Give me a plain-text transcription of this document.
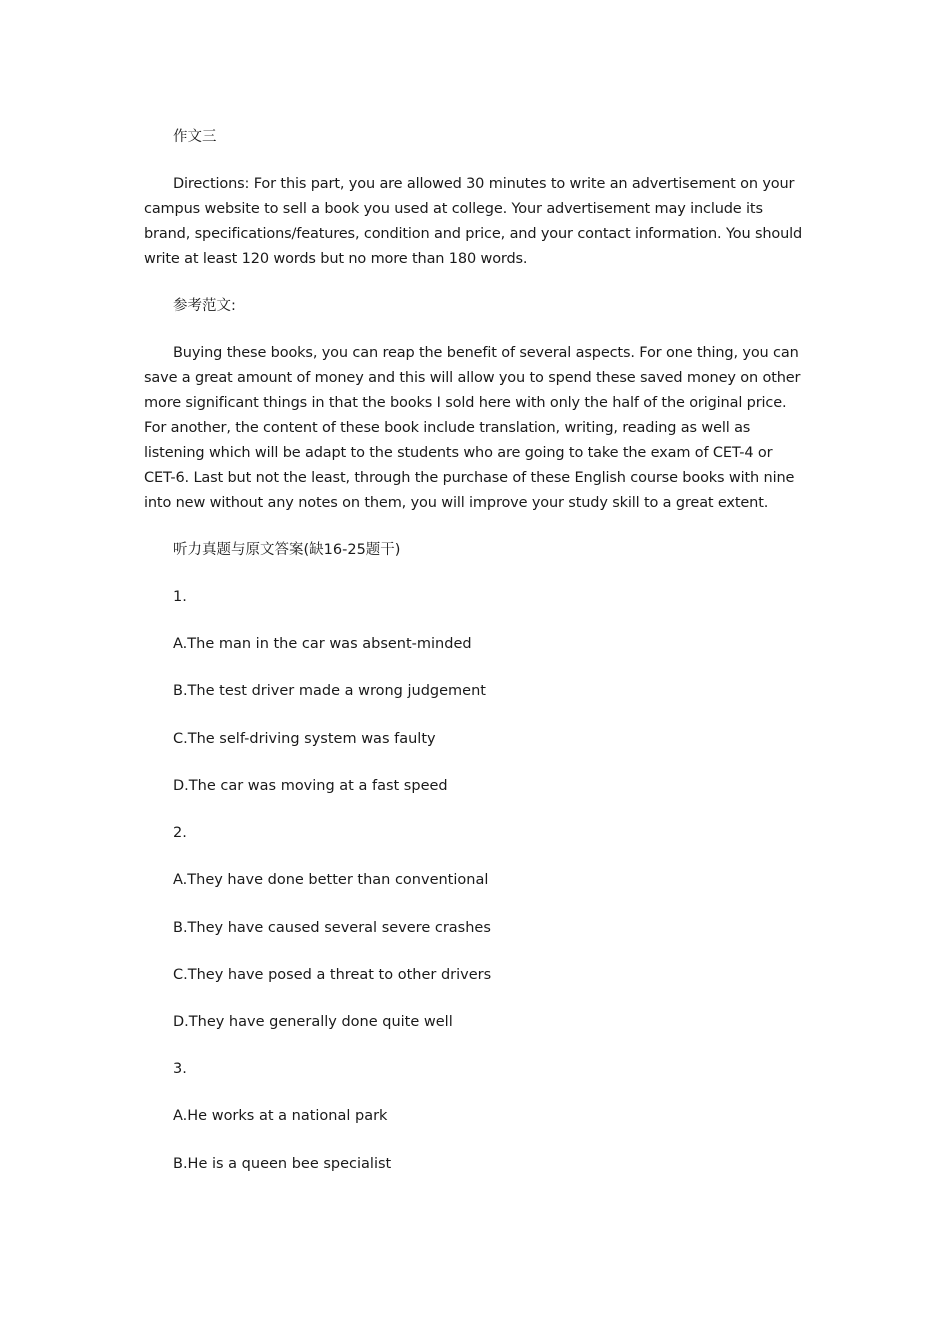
作文三
Directions: For this part, you are allowed 30 minutes to write an advertisement on your campus website to sell a book you used at college. Your advertisement may include its brand, specifications/features, condition and price, and your contact information. You should write at least 120 words but no more than 180 words.
参考范文:
Buying these books, you can reap the benefit of several aspects. For one thing, you can save a great amount of money and this will allow you to spend these saved money on other more significant things in that the books I sold here with only the half of the original price. For another, the content of these book include translation, writing, reading as well as listening which will be adapt to the students who are going to take the exam of CET-4 or CET-6. Last but not the least, through the purchase of these English course books with nine into new without any notes on them, you will improve your study skill to a great extent.
听力真题与原文答案(缺16-25题干)
1.
A.The man in the car was absent-minded
B.The test driver made a wrong judgement
C.The self-driving system was faulty
D.The car was moving at a fast speed
2.
A.They have done better than conventional
B.They have caused several severe crashes
C.They have posed a threat to other drivers
D.They have generally done quite well
3.
A.He works at a national park
B.He is a queen bee specialist
